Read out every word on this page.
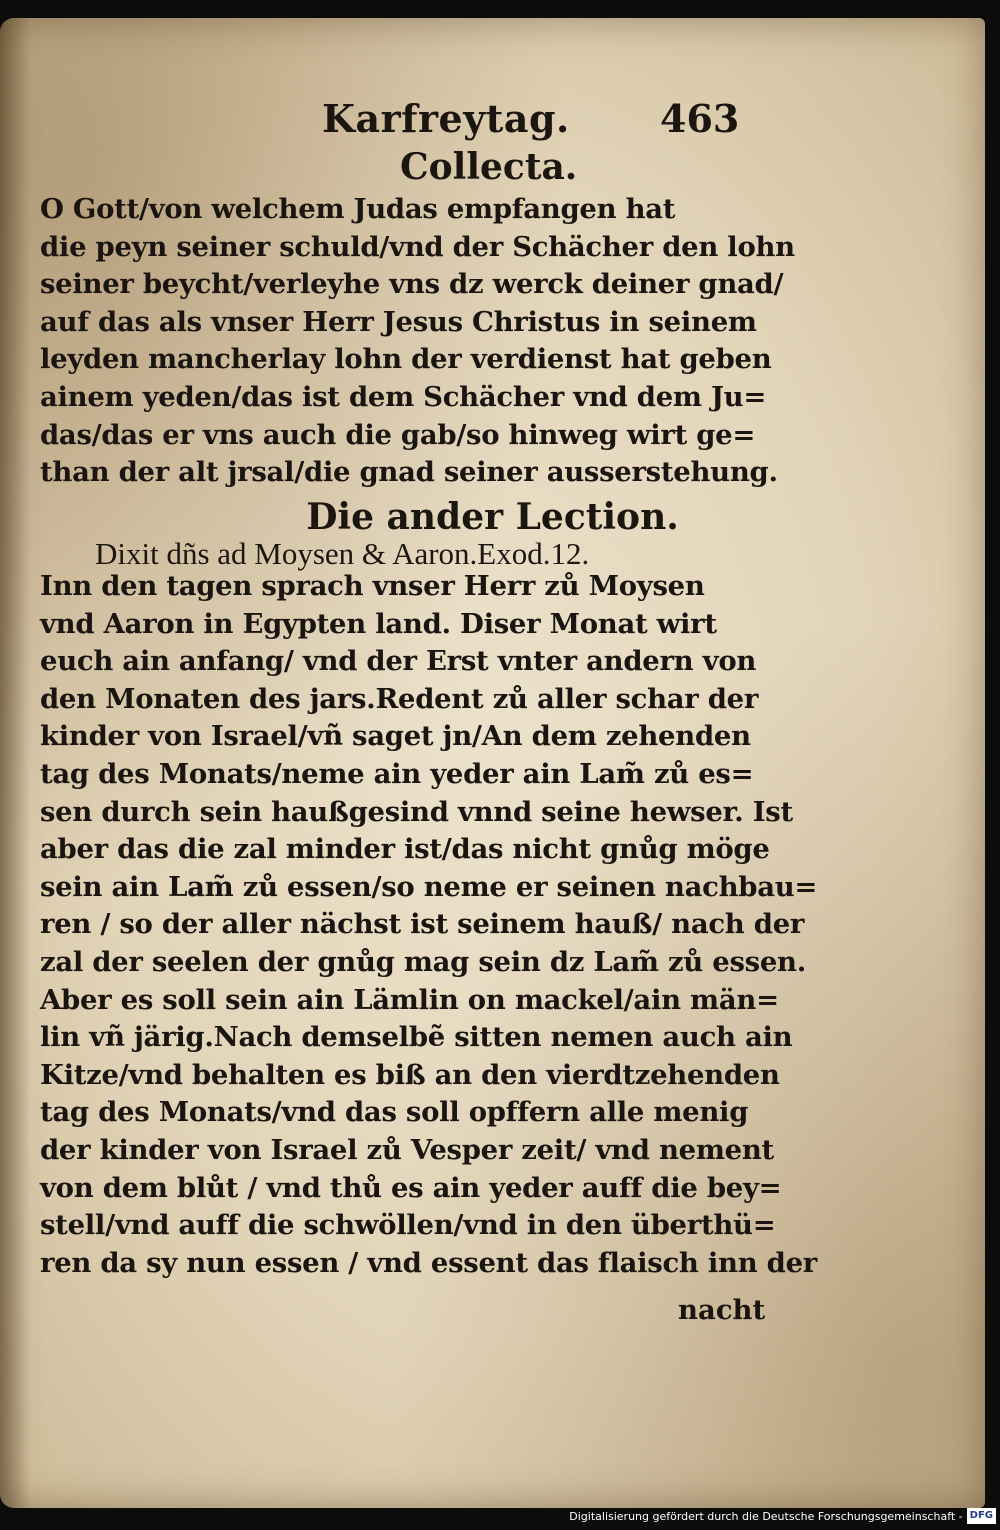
Karfreytag. 463
Collecta.
O Gott/von welchem Judas empfangen hat
die peyn seiner schuld/vnd der Schächer den lohn
seiner beycht/verleyhe vns dz werck deiner gnad/
auf das als vnser Herr Jesus Christus in seinem
leyden mancherlay lohn der verdienst hat geben
ainem yeden/das ist dem Schächer vnd dem Ju=
das/das er vns auch die gab/so hinweg wirt ge=
than der alt jrsal/die gnad seiner ausserstehung.
Die ander Lection.
Dixit dñs ad Moysen & Aaron.Exod.12.
Inn den tagen sprach vnser Herr zů Moysen
vnd Aaron in Egypten land. Diser Monat wirt
euch ain anfang/ vnd der Erst vnter andern von
den Monaten des jars.Redent zů aller schar der
kinder von Israel/vñ saget jn/An dem zehenden
tag des Monats/neme ain yeder ain Lam̃ zů es=
sen durch sein haußgesind vnnd seine hewser. Ist
aber das die zal minder ist/das nicht gnůg möge
sein ain Lam̃ zů essen/so neme er seinen nachbau=
ren / so der aller nächst ist seinem hauß/ nach der
zal der seelen der gnůg mag sein dz Lam̃ zů essen.
Aber es soll sein ain Lämlin on mackel/ain män=
lin vñ järig.Nach demselbẽ sitten nemen auch ain
Kitze/vnd behalten es biß an den vierdtzehenden
tag des Monats/vnd das soll opffern alle menig
der kinder von Israel zů Vesper zeit/ vnd nement
von dem blůt / vnd thů es ain yeder auff die bey=
stell/vnd auff die schwöllen/vnd in den überthü=
ren da sy nun essen / vnd essent das flaisch inn der
nacht
Digitalisierung gefördert durch die Deutsche Forschungsgemeinschaft - DFG
